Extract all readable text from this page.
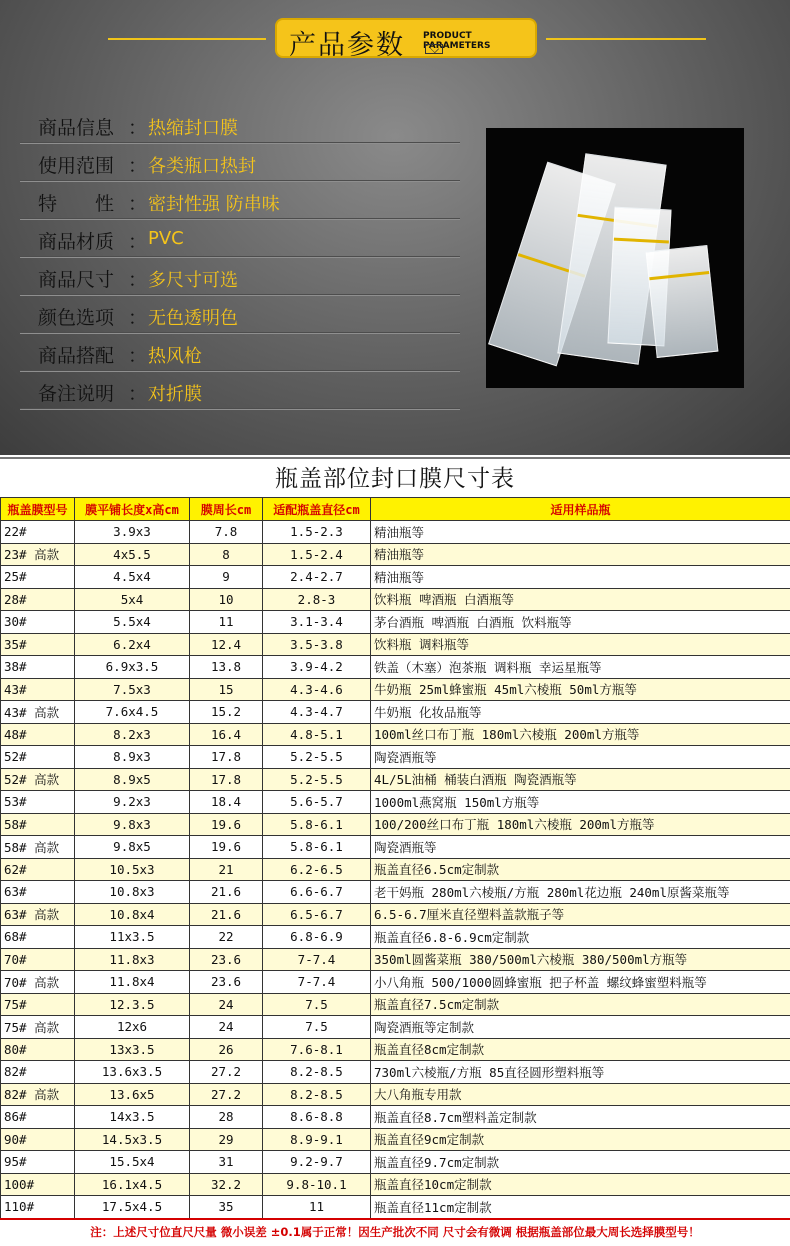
产品参数 PRODUCT PARAMETERS
商品信息 ： 热缩封口膜
使用范围 ： 各类瓶口热封
特　　性 ： 密封性强 防串味
商品材质 ： PVC
商品尺寸 ： 多尺寸可选
颜色选项 ： 无色透明色
商品搭配 ： 热风枪
备注说明 ： 对折膜
瓶盖部位封口膜尺寸表
瓶盖膜型号	膜平铺长度x高cm	膜周长cm	适配瓶盖直径cm	适用样品瓶
22#	3.9x3	7.8	1.5-2.3	精油瓶等
23# 高款	4x5.5	8	1.5-2.4	精油瓶等
25#	4.5x4	9	2.4-2.7	精油瓶等
28#	5x4	10	2.8-3	饮料瓶 啤酒瓶 白酒瓶等
30#	5.5x4	11	3.1-3.4	茅台酒瓶 啤酒瓶 白酒瓶 饮料瓶等
35#	6.2x4	12.4	3.5-3.8	饮料瓶 调料瓶等
38#	6.9x3.5	13.8	3.9-4.2	铁盖（木塞）泡茶瓶 调料瓶 幸运星瓶等
43#	7.5x3	15	4.3-4.6	牛奶瓶 25ml蜂蜜瓶 45ml六棱瓶 50ml方瓶等
43# 高款	7.6x4.5	15.2	4.3-4.7	牛奶瓶 化妆品瓶等
48#	8.2x3	16.4	4.8-5.1	100ml丝口布丁瓶 180ml六棱瓶 200ml方瓶等
52#	8.9x3	17.8	5.2-5.5	陶瓷酒瓶等
52# 高款	8.9x5	17.8	5.2-5.5	4L/5L油桶 桶装白酒瓶 陶瓷酒瓶等
53#	9.2x3	18.4	5.6-5.7	1000ml燕窝瓶 150ml方瓶等
58#	9.8x3	19.6	5.8-6.1	100/200丝口布丁瓶 180ml六棱瓶 200ml方瓶等
58# 高款	9.8x5	19.6	5.8-6.1	陶瓷酒瓶等
62#	10.5x3	21	6.2-6.5	瓶盖直径6.5cm定制款
63#	10.8x3	21.6	6.6-6.7	老干妈瓶 280ml六棱瓶/方瓶 280ml花边瓶 240ml原酱菜瓶等
63# 高款	10.8x4	21.6	6.5-6.7	6.5-6.7厘米直径塑料盖款瓶子等
68#	11x3.5	22	6.8-6.9	瓶盖直径6.8-6.9cm定制款
70#	11.8x3	23.6	7-7.4	350ml圆酱菜瓶 380/500ml六棱瓶 380/500ml方瓶等
70# 高款	11.8x4	23.6	7-7.4	小八角瓶 500/1000圆蜂蜜瓶 把子杯盖 螺纹蜂蜜塑料瓶等
75#	12.3.5	24	7.5	瓶盖直径7.5cm定制款
75# 高款	12x6	24	7.5	陶瓷酒瓶等定制款
80#	13x3.5	26	7.6-8.1	瓶盖直径8cm定制款
82#	13.6x3.5	27.2	8.2-8.5	730ml六棱瓶/方瓶 85直径圆形塑料瓶等
82# 高款	13.6x5	27.2	8.2-8.5	大八角瓶专用款
86#	14x3.5	28	8.6-8.8	瓶盖直径8.7cm塑料盖定制款
90#	14.5x3.5	29	8.9-9.1	瓶盖直径9cm定制款
95#	15.5x4	31	9.2-9.7	瓶盖直径9.7cm定制款
100#	16.1x4.5	32.2	9.8-10.1	瓶盖直径10cm定制款
110#	17.5x4.5	35	11	瓶盖直径11cm定制款
注：上述尺寸位直尺尺量 微小误差 ±0.1属于正常！因生产批次不同 尺寸会有微调 根据瓶盖部位最大周长选择膜型号！
